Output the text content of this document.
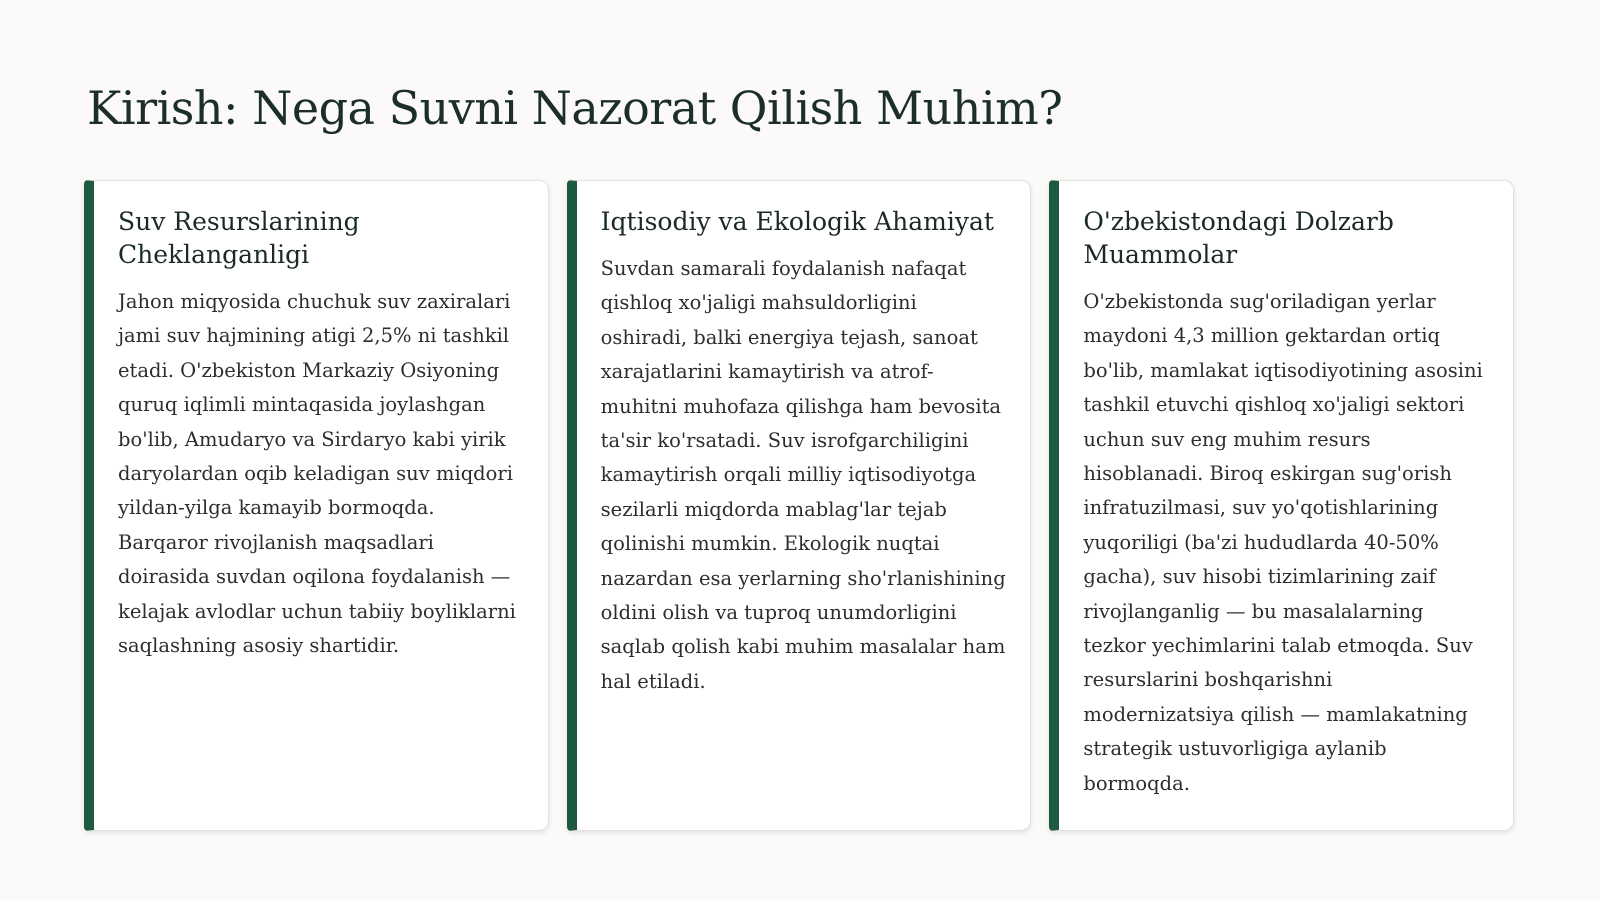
Kirish: Nega Suvni Nazorat Qilish Muhim?
Suv Resurslarining Cheklanganligi

Jahon miqyosida chuchuk suv zaxiralari jami suv hajmining atigi 2,5% ni tashkil etadi. O'zbekiston Markaziy Osiyoning quruq iqlimli mintaqasida joylashgan bo'lib, Amudaryo va Sirdaryo kabi yirik daryolardan oqib keladigan suv miqdori yildan-yilga kamayib bormoqda. Barqaror rivojlanish maqsadlari doirasida suvdan oqilona foydalanish — kelajak avlodlar uchun tabiiy boyliklarni saqlashning asosiy shartidir.

Iqtisodiy va Ekologik Ahamiyat

Suvdan samarali foydalanish nafaqat qishloq xo'jaligi mahsuldorligini oshiradi, balki energiya tejash, sanoat xarajatlarini kamaytirish va atrof-muhitni muhofaza qilishga ham bevosita ta'sir ko'rsatadi. Suv isrofgarchiligini kamaytirish orqali milliy iqtisodiyotga sezilarli miqdorda mablag'lar tejab qolinishi mumkin. Ekologik nuqtai nazardan esa yerlarning sho'rlanishining oldini olish va tuproq unumdorligini saqlab qolish kabi muhim masalalar ham hal etiladi.

O'zbekistondagi Dolzarb Muammolar

O'zbekistonda sug'oriladigan yerlar maydoni 4,3 million gektardan ortiq bo'lib, mamlakat iqtisodiyotining asosini tashkil etuvchi qishloq xo'jaligi sektori uchun suv eng muhim resurs hisoblanadi. Biroq eskirgan sug'orish infratuzilmasi, suv yo'qotishlarining yuqoriligi (ba'zi hududlarda 40-50% gacha), suv hisobi tizimlarining zaif rivojlanganlig — bu masalalarning tezkor yechimlarini talab etmoqda. Suv resurslarini boshqarishni modernizatsiya qilish — mamlakatning strategik ustuvorligiga aylanib bormoqda.
